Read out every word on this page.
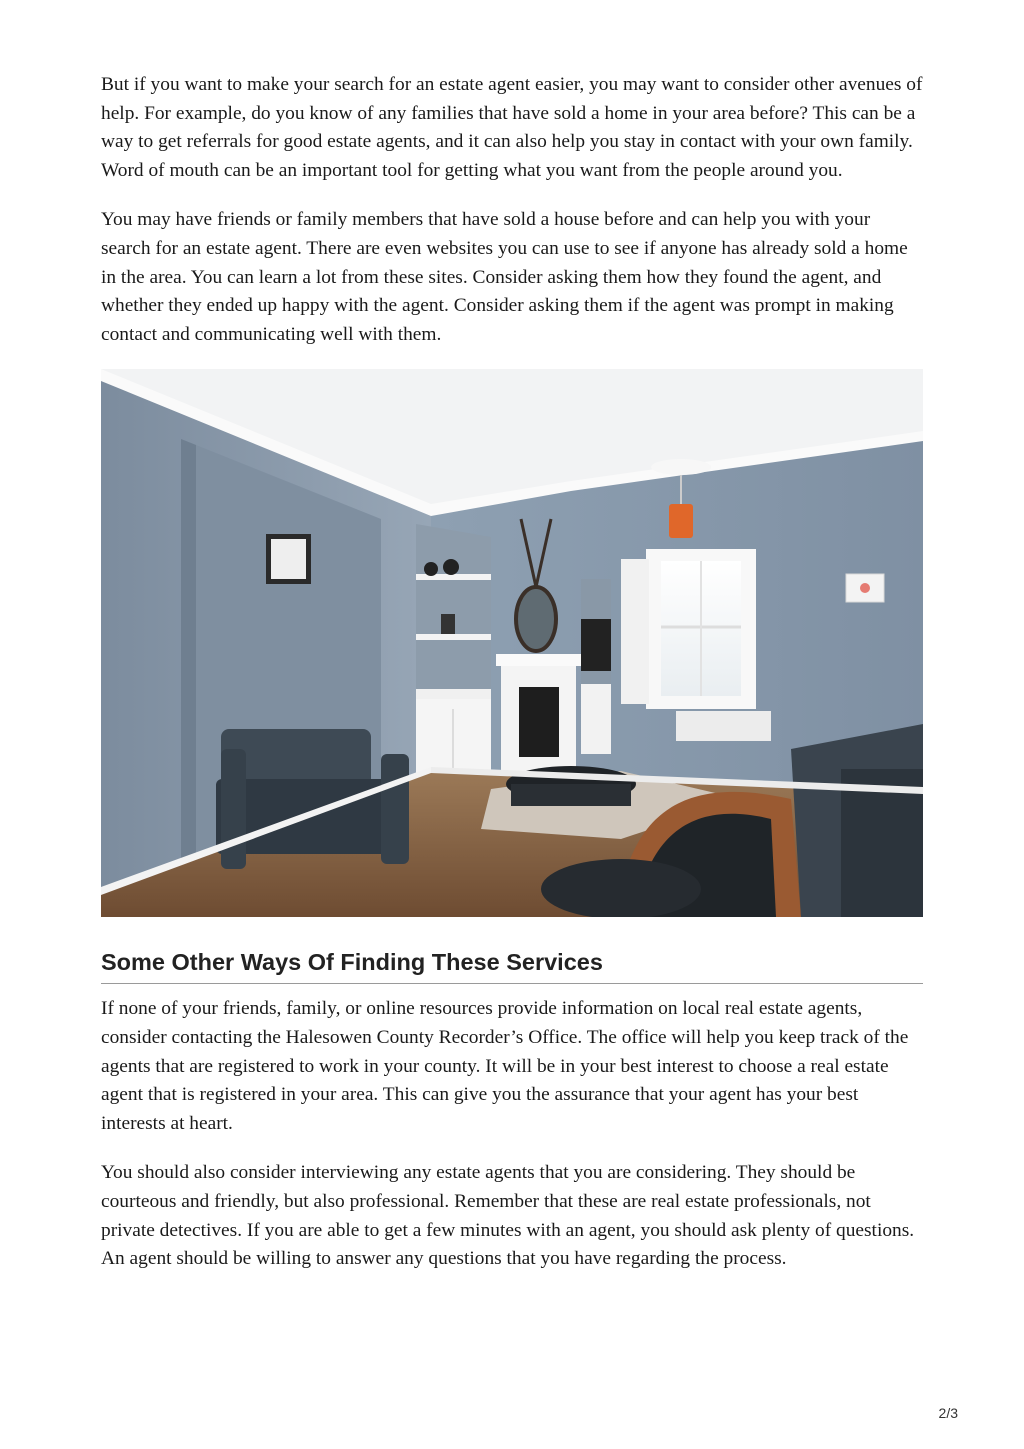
But if you want to make your search for an estate agent easier, you may want to consider other avenues of help. For example, do you know of any families that have sold a home in your area before? This can be a way to get referrals for good estate agents, and it can also help you stay in contact with your own family. Word of mouth can be an important tool for getting what you want from the people around you.

You may have friends or family members that have sold a house before and can help you with your search for an estate agent. There are even websites you can use to see if anyone has already sold a home in the area. You can learn a lot from these sites. Consider asking them how they found the agent, and whether they ended up happy with the agent. Consider asking them if the agent was prompt in making contact and communicating well with them.

Some Other Ways Of Finding These Services

If none of your friends, family, or online resources provide information on local real estate agents, consider contacting the Halesowen County Recorder’s Office. The office will help you keep track of the agents that are registered to work in your county. It will be in your best interest to choose a real estate agent that is registered in your area. This can give you the assurance that your agent has your best interests at heart.

You should also consider interviewing any estate agents that you are considering. They should be courteous and friendly, but also professional. Remember that these are real estate professionals, not private detectives. If you are able to get a few minutes with an agent, you should ask plenty of questions. An agent should be willing to answer any questions that you have regarding the process.

2/3
